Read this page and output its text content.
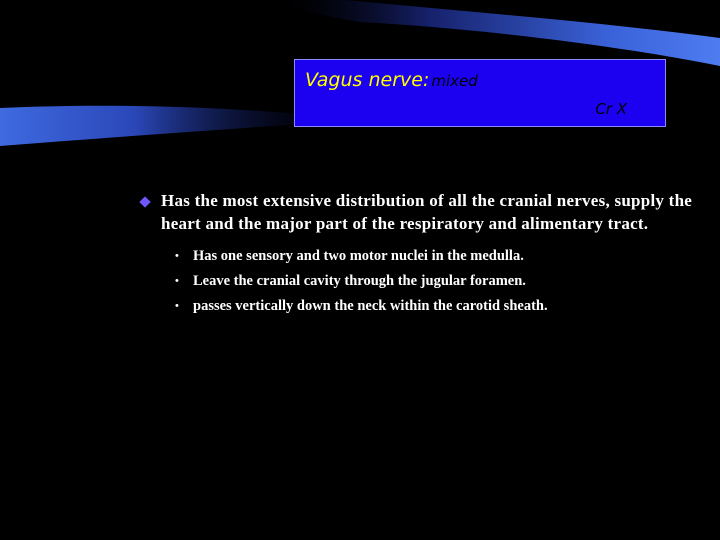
Vagus nerve: mixed
Cr X
Has the most extensive distribution of all the cranial nerves, supply the heart and the major part of the respiratory and alimentary tract.
• Has one sensory and two motor nuclei in the medulla.
• Leave the cranial cavity through the jugular foramen.
• passes vertically down the neck within the carotid sheath.
